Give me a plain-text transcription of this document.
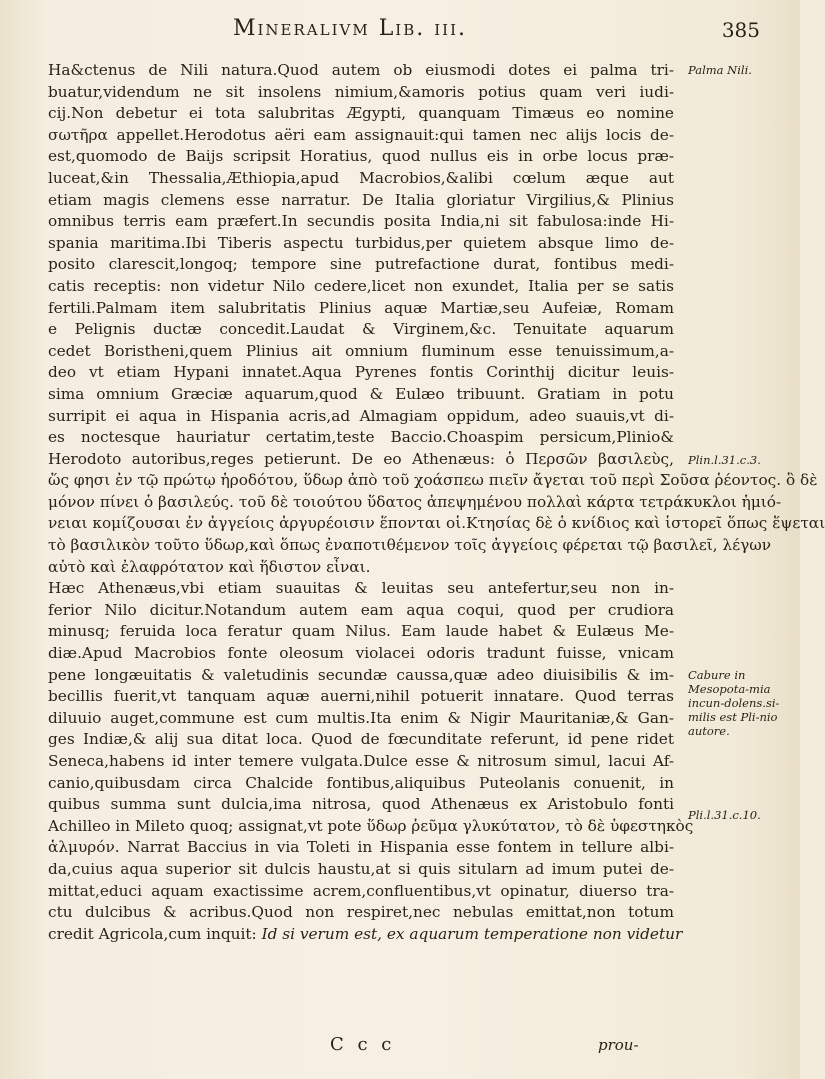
Mineralivm Lib. iii.	385
Ha&ctenus de Nili natura.Quod autem ob eiusmodi dotes ei palma tri-
buatur,videndum ne sit insolens nimium,&amoris potius quam veri iudi-
cij.Non debetur ei tota salubritas Ægypti, quanquam Timæus eo nomine
σωτῆρα appellet.Herodotus aëri eam assignauit:qui tamen nec alijs locis de-
est,quomodo de Baijs scripsit Horatius, quod nullus eis in orbe locus præ-
luceat,&in Thessalia,Æthiopia,apud Macrobios,&alibi cœlum æque aut
etiam magis clemens esse narratur. De Italia gloriatur Virgilius,& Plinius
omnibus terris eam præfert.In secundis posita India,ni sit fabulosa:inde Hi-
spania maritima.Ibi Tiberis aspectu turbidus,per quietem absque limo de-
posito clarescit,longoq; tempore sine putrefactione durat, fontibus medi-
catis receptis: non videtur Nilo cedere,licet non exundet, Italia per se satis
fertili.Palmam item salubritatis Plinius aquæ Martiæ,seu Aufeiæ, Romam
e Pelignis ductæ concedit.Laudat & Virginem,&c. Tenuitate aquarum
cedet Boristheni,quem Plinius ait omnium fluminum esse tenuissimum,a-
deo vt etiam Hypani innatet.Aqua Pyrenes fontis Corinthij dicitur leuis-
sima omnium Græciæ aquarum,quod & Eulæo tribuunt. Gratiam in potu
surripit ei aqua in Hispania acris,ad Almagiam oppidum, adeo suauis,vt di-
es noctesque hauriatur certatim,teste Baccio.Choaspim persicum,Plinio&
Herodoto autoribus,reges petierunt. De eo Athenæus: ὁ Περσῶν βασιλεὺς,
ὥς φησι ἐν τῷ πρώτῳ ἡροδότου, ὕδωρ ἀπὸ τοῦ χοάσπεω πιεῖν ἄγεται τοῦ περὶ Σοῦσα ῥέοντος. ὃ δὲ
μόνον πίνει ὁ βασιλεύς. τοῦ δὲ τοιούτου ὕδατος ἀπεψημένου πολλαὶ κάρτα τετράκυκλοι ἡμιό-
νειαι κομίζουσαι ἐν ἀγγείοις ἀργυρέοισιν ἕπονται οἱ.Κτησίας δὲ ὁ κνίδιος καὶ ἱστορεῖ ὅπως ἕψεται
τὸ βασιλικὸν τοῦτο ὕδωρ,καὶ ὅπως ἐναποτιθέμενον τοῖς ἀγγείοις φέρεται τῷ βασιλεῖ, λέγων
αὐτὸ καὶ ἐλαφρότατον καὶ ἥδιστον εἶναι.
Hæc Athenæus,vbi etiam suauitas & leuitas seu antefertur,seu non in-
ferior Nilo dicitur.Notandum autem eam aqua coqui, quod per crudiora
minusq; feruida loca feratur quam Nilus. Eam laude habet & Eulæus Me-
diæ.Apud Macrobios fonte oleosum violacei odoris tradunt fuisse, vnicam
pene longæuitatis & valetudinis secundæ caussa,quæ adeo diuisibilis & im-
becillis fuerit,vt tanquam aquæ auerni,nihil potuerit innatare. Quod terras
diluuio auget,commune est cum multis.Ita enim & Nigir Mauritaniæ,& Gan-
ges Indiæ,& alij sua ditat loca. Quod de fœcunditate referunt, id pene ridet
Seneca,habens id inter temere vulgata.Dulce esse & nitrosum simul, lacui Af-
canio,quibusdam circa Chalcide fontibus,aliquibus Puteolanis conuenit, in
quibus summa sunt dulcia,ima nitrosa, quod Athenæus ex Aristobulo fonti
Achilleo in Mileto quoq; assignat,vt pote ὕδωρ ῥεῦμα γλυκύτατον, τὸ δὲ ὑφεστηκὸς
ἁλμυρόν. Narrat Baccius in via Toleti in Hispania esse fontem in tellure albi-
da,cuius aqua superior sit dulcis haustu,at si quis sitularn ad imum putei de-
mittat,educi aquam exactissime acrem,confluentibus,vt opinatur, diuerso tra-
ctu dulcibus & acribus.Quod non respiret,nec nebulas emittat,non totum
credit Agricola,cum inquit: Id si verum est, ex aquarum temperatione non videtur
Palma Nili.
Plin.l.31.c.3.
Cabure in Mesopota-mia incun-dolens.si-milis est Pli-nio autore.
Pli.l.31.c.10.
C c c	prou-
